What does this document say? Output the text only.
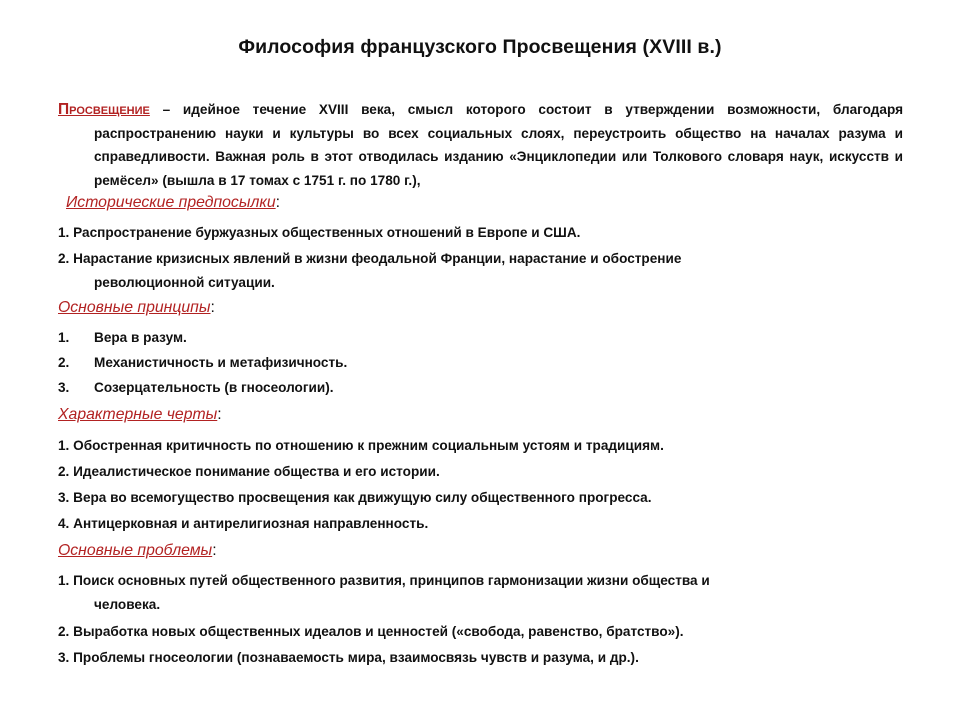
Философия французского Просвещения (XVIII в.)
Просвещение – идейное течение XVIII века, смысл которого состоит в утверждении возможности, благодаря распространению науки и культуры во всех социальных слоях, переустроить общество на началах разума и справедливости. Важная роль в этот отводилась изданию «Энциклопедии или Толкового словаря наук, искусств и ремёсел» (вышла в 17 томах с 1751 г. по 1780 г.),
Исторические предпосылки:
1. Распространение буржуазных общественных отношений в Европе и США.
2. Нарастание кризисных явлений в жизни феодальной Франции, нарастание и обострение
революционной ситуации.
Основные принципы:
1. Вера в разум.
2. Механистичность и метафизичность.
3. Созерцательность (в гносеологии).
Характерные черты:
1. Обостренная критичность по отношению к прежним социальным устоям и традициям.
2. Идеалистическое понимание общества и его истории.
3. Вера во всемогущество просвещения как движущую силу общественного прогресса.
4. Антицерковная и антирелигиозная направленность.
Основные проблемы:
1. Поиск основных путей общественного развития, принципов гармонизации жизни общества и
человека.
2. Выработка новых общественных идеалов и ценностей («свобода, равенство, братство»).
3. Проблемы гносеологии (познаваемость мира, взаимосвязь чувств и разума, и др.).
